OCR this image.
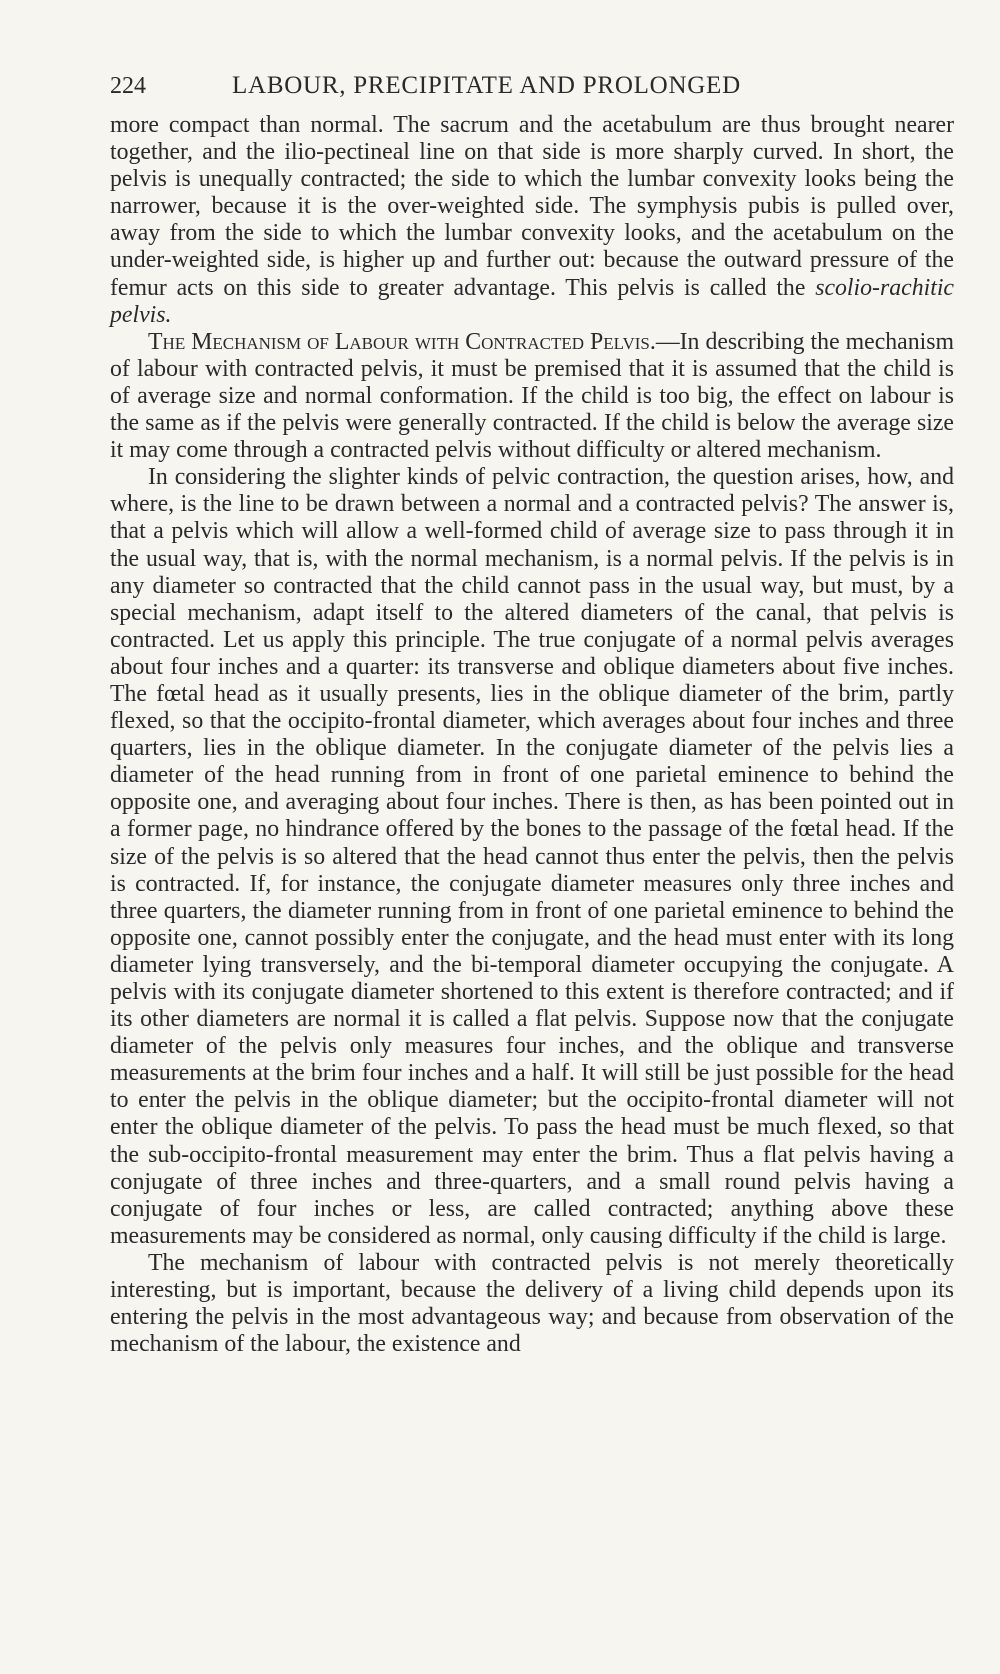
224	LABOUR, PRECIPITATE AND PROLONGED

more compact than normal. The sacrum and the acetabulum are thus brought nearer together, and the ilio-pectineal line on that side is more sharply curved. In short, the pelvis is unequally contracted; the side to which the lumbar convexity looks being the narrower, because it is the over-weighted side. The symphysis pubis is pulled over, away from the side to which the lumbar convexity looks, and the acetabulum on the under-weighted side, is higher up and further out: because the outward pressure of the femur acts on this side to greater advantage. This pelvis is called the scolio-rachitic pelvis.

The Mechanism of Labour with Contracted Pelvis.—In describing the mechanism of labour with contracted pelvis, it must be premised that it is assumed that the child is of average size and normal conformation. If the child is too big, the effect on labour is the same as if the pelvis were generally contracted. If the child is below the average size it may come through a contracted pelvis without difficulty or altered mechanism.

In considering the slighter kinds of pelvic contraction, the question arises, how, and where, is the line to be drawn between a normal and a contracted pelvis? The answer is, that a pelvis which will allow a well-formed child of average size to pass through it in the usual way, that is, with the normal mechanism, is a normal pelvis. If the pelvis is in any diameter so contracted that the child cannot pass in the usual way, but must, by a special mechanism, adapt itself to the altered diameters of the canal, that pelvis is contracted. Let us apply this principle. The true conjugate of a normal pelvis averages about four inches and a quarter: its transverse and oblique diameters about five inches. The fœtal head as it usually presents, lies in the oblique diameter of the brim, partly flexed, so that the occipito-frontal diameter, which averages about four inches and three quarters, lies in the oblique diameter. In the conjugate diameter of the pelvis lies a diameter of the head running from in front of one parietal eminence to behind the opposite one, and averaging about four inches. There is then, as has been pointed out in a former page, no hindrance offered by the bones to the passage of the fœtal head. If the size of the pelvis is so altered that the head cannot thus enter the pelvis, then the pelvis is contracted. If, for instance, the conjugate diameter measures only three inches and three quarters, the diameter running from in front of one parietal eminence to behind the opposite one, cannot possibly enter the conjugate, and the head must enter with its long diameter lying transversely, and the bi-temporal diameter occupying the conjugate. A pelvis with its conjugate diameter shortened to this extent is therefore contracted; and if its other diameters are normal it is called a flat pelvis. Suppose now that the conjugate diameter of the pelvis only measures four inches, and the oblique and transverse measurements at the brim four inches and a half. It will still be just possible for the head to enter the pelvis in the oblique diameter; but the occipito-frontal diameter will not enter the oblique diameter of the pelvis. To pass the head must be much flexed, so that the sub-occipito-frontal measurement may enter the brim. Thus a flat pelvis having a conjugate of three inches and three-quarters, and a small round pelvis having a conjugate of four inches or less, are called contracted; anything above these measurements may be considered as normal, only causing difficulty if the child is large.

The mechanism of labour with contracted pelvis is not merely theoretically interesting, but is important, because the delivery of a living child depends upon its entering the pelvis in the most advantageous way; and because from observation of the mechanism of the labour, the existence and
